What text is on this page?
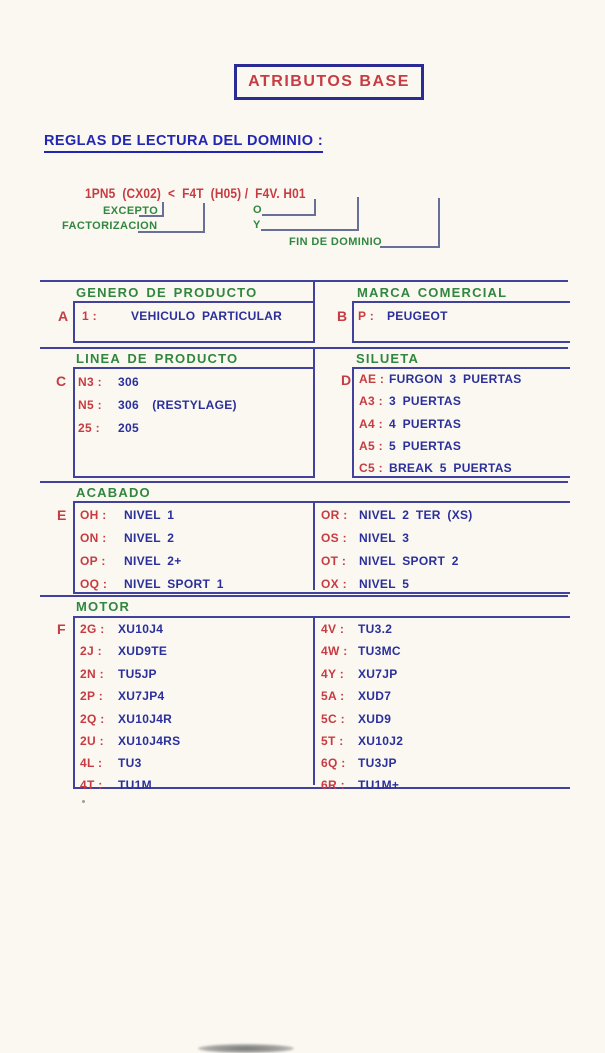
ATRIBUTOS BASE
REGLAS DE LECTURA DEL DOMINIO :
1PN5  (CX02)  <  F4T  (H05) /  F4V. H01
EXCEPTO
FACTORIZACION
O
Y
FIN DE DOMINIO
GENERO DE PRODUCTO	MARCA COMERCIAL
A 1 :	VEHICULO PARTICULAR	B P : PEUGEOT
LINEA DE PRODUCTO	SILUETA
C N3 : 306
N5 : 306  (RESTYLAGE)
25 : 205
D AE : FURGON 3 PUERTAS
A3 : 3 PUERTAS
A4 : 4 PUERTAS
A5 : 5 PUERTAS
C5 : BREAK 5 PUERTAS
ACABADO
E OH : NIVEL 1
ON : NIVEL 2
OP : NIVEL 2+
OQ : NIVEL SPORT 1
OR : NIVEL 2 TER (XS)
OS : NIVEL 3
OT : NIVEL SPORT 2
OX : NIVEL 5
MOTOR
F 2G : XU10J4
2J : XUD9TE
2N : TU5JP
2P : XU7JP4
2Q : XU10J4R
2U : XU10J4RS
4L : TU3
4T : TU1M
4V : TU3.2
4W : TU3MC
4Y : XU7JP
5A : XUD7
5C : XUD9
5T : XU10J2
6Q : TU3JP
6R : TU1M+
